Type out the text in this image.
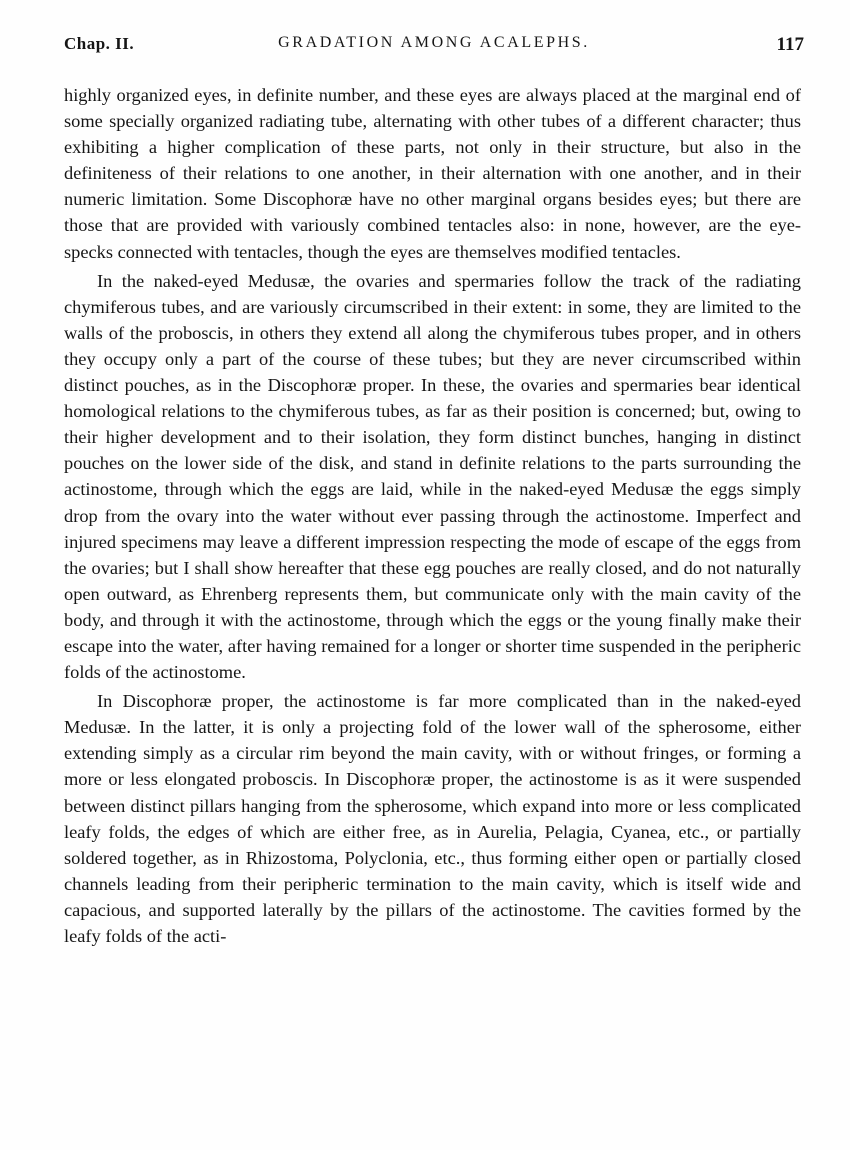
Chap. II.	GRADATION AMONG ACALEPHS.	117

highly organized eyes, in definite number, and these eyes are always placed at the marginal end of some specially organized radiating tube, alternating with other tubes of a different character; thus exhibiting a higher complication of these parts, not only in their structure, but also in the definiteness of their relations to one another, in their alternation with one another, and in their numeric limitation. Some Discophoræ have no other marginal organs besides eyes; but there are those that are provided with variously combined tentacles also: in none, however, are the eye-specks connected with tentacles, though the eyes are themselves modified tentacles.

In the naked-eyed Medusæ, the ovaries and spermaries follow the track of the radiating chymiferous tubes, and are variously circumscribed in their extent: in some, they are limited to the walls of the proboscis, in others they extend all along the chymiferous tubes proper, and in others they occupy only a part of the course of these tubes; but they are never circumscribed within distinct pouches, as in the Discophoræ proper. In these, the ovaries and spermaries bear identical homological relations to the chymiferous tubes, as far as their position is concerned; but, owing to their higher development and to their isolation, they form distinct bunches, hanging in distinct pouches on the lower side of the disk, and stand in definite relations to the parts surrounding the actinostome, through which the eggs are laid, while in the naked-eyed Medusæ the eggs simply drop from the ovary into the water without ever passing through the actinostome. Imperfect and injured specimens may leave a different impression respecting the mode of escape of the eggs from the ovaries; but I shall show hereafter that these egg pouches are really closed, and do not naturally open outward, as Ehrenberg represents them, but communicate only with the main cavity of the body, and through it with the actinostome, through which the eggs or the young finally make their escape into the water, after having remained for a longer or shorter time suspended in the peripheric folds of the actinostome.

In Discophoræ proper, the actinostome is far more complicated than in the naked-eyed Medusæ. In the latter, it is only a projecting fold of the lower wall of the spherosome, either extending simply as a circular rim beyond the main cavity, with or without fringes, or forming a more or less elongated proboscis. In Discophoræ proper, the actinostome is as it were suspended between distinct pillars hanging from the spherosome, which expand into more or less complicated leafy folds, the edges of which are either free, as in Aurelia, Pelagia, Cyanea, etc., or partially soldered together, as in Rhizostoma, Polyclonia, etc., thus forming either open or partially closed channels leading from their peripheric termination to the main cavity, which is itself wide and capacious, and supported laterally by the pillars of the actinostome. The cavities formed by the leafy folds of the acti-
